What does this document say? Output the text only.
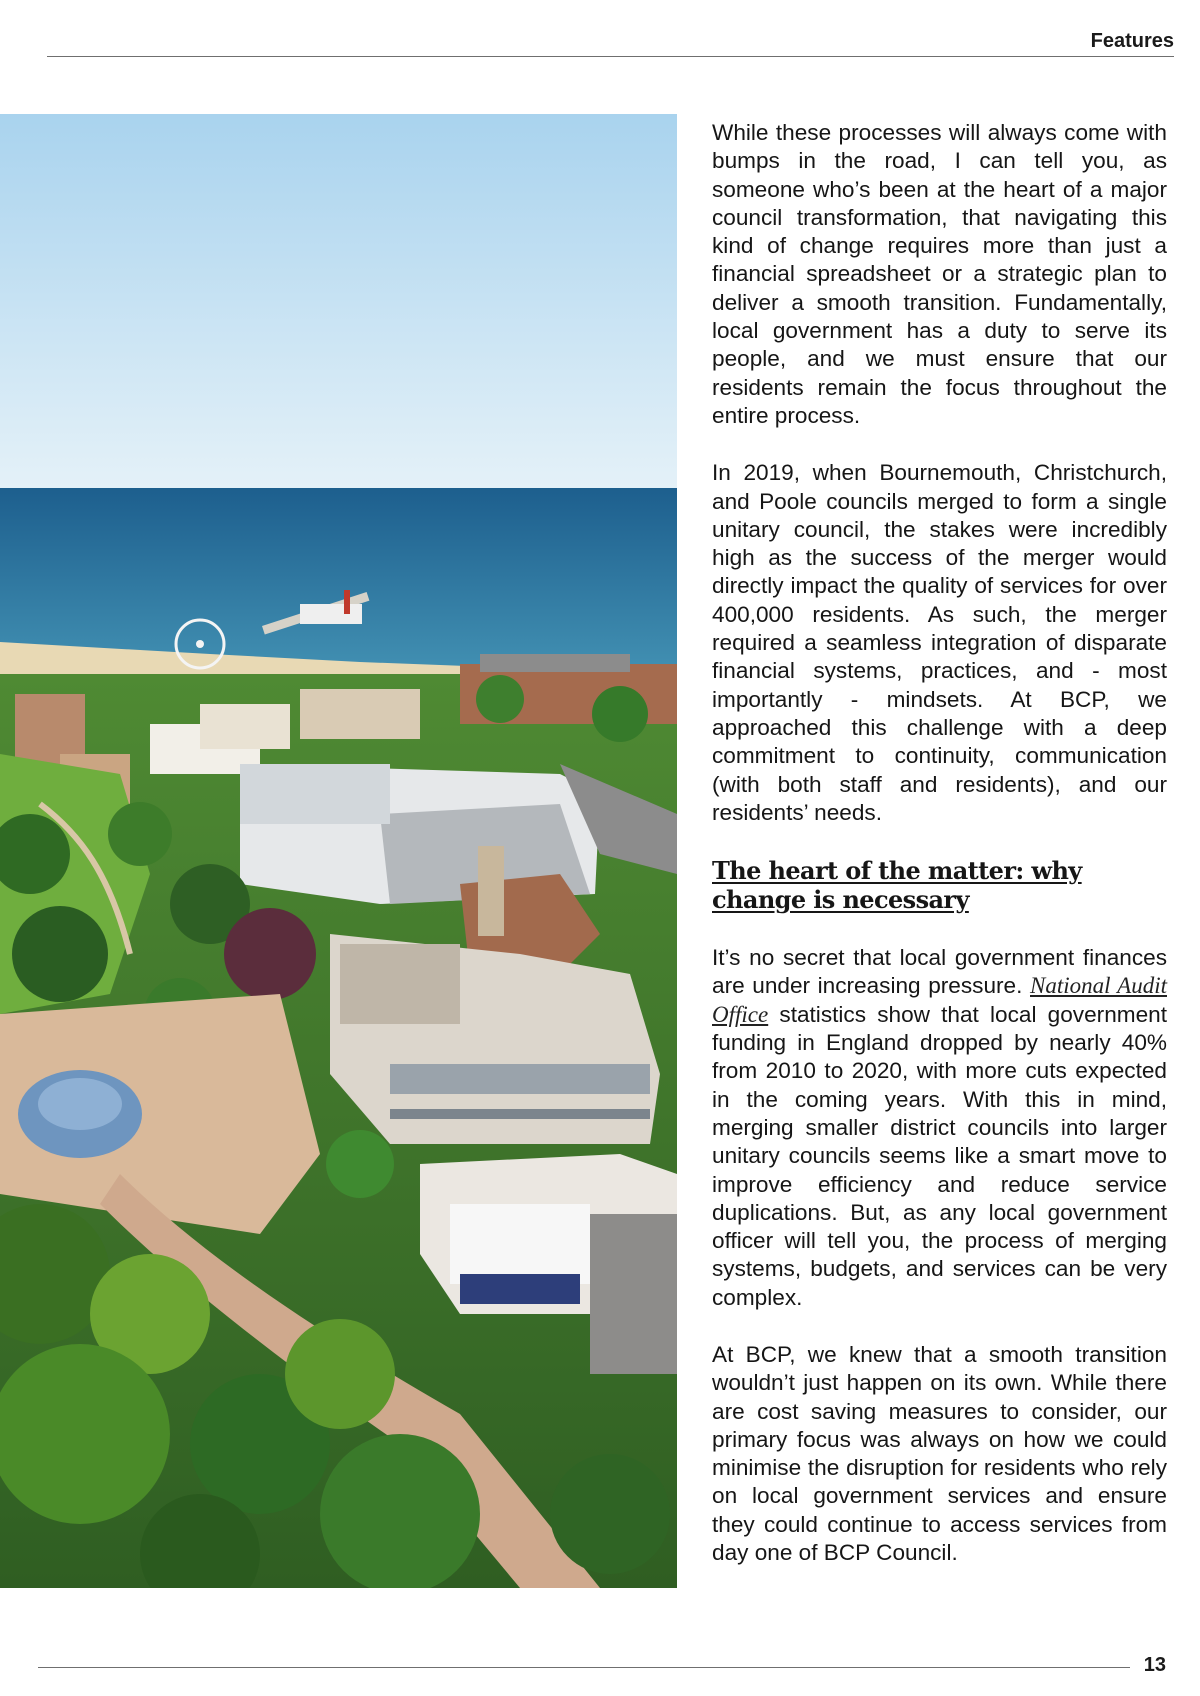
Features

While these processes will always come with bumps in the road, I can tell you, as someone who’s been at the heart of a major council transformation, that navigating this kind of change requires more than just a financial spreadsheet or a strategic plan to deliver a smooth transition. Fundamentally, local government has a duty to serve its people, and we must ensure that our residents remain the focus throughout the entire process.

In 2019, when Bournemouth, Christchurch, and Poole councils merged to form a single unitary council, the stakes were incredibly high as the success of the merger would directly impact the quality of services for over 400,000 residents. As such, the merger required a seamless integration of disparate financial systems, practices, and - most importantly - mindsets. At BCP, we approached this challenge with a deep commitment to continuity, communication (with both staff and residents), and our residents’ needs.

The heart of the matter: why change is necessary

It’s no secret that local government finances are under increasing pressure. National Audit Office statistics show that local government funding in England dropped by nearly 40% from 2010 to 2020, with more cuts expected in the coming years. With this in mind, merging smaller district councils into larger unitary councils seems like a smart move to improve efficiency and reduce service duplications. But, as any local government officer will tell you, the process of merging systems, budgets, and services can be very complex.

At BCP, we knew that a smooth transition wouldn’t just happen on its own. While there are cost saving measures to consider, our primary focus was always on how we could minimise the disruption for residents who rely on local government services and ensure they could continue to access services from day one of BCP Council.

13
